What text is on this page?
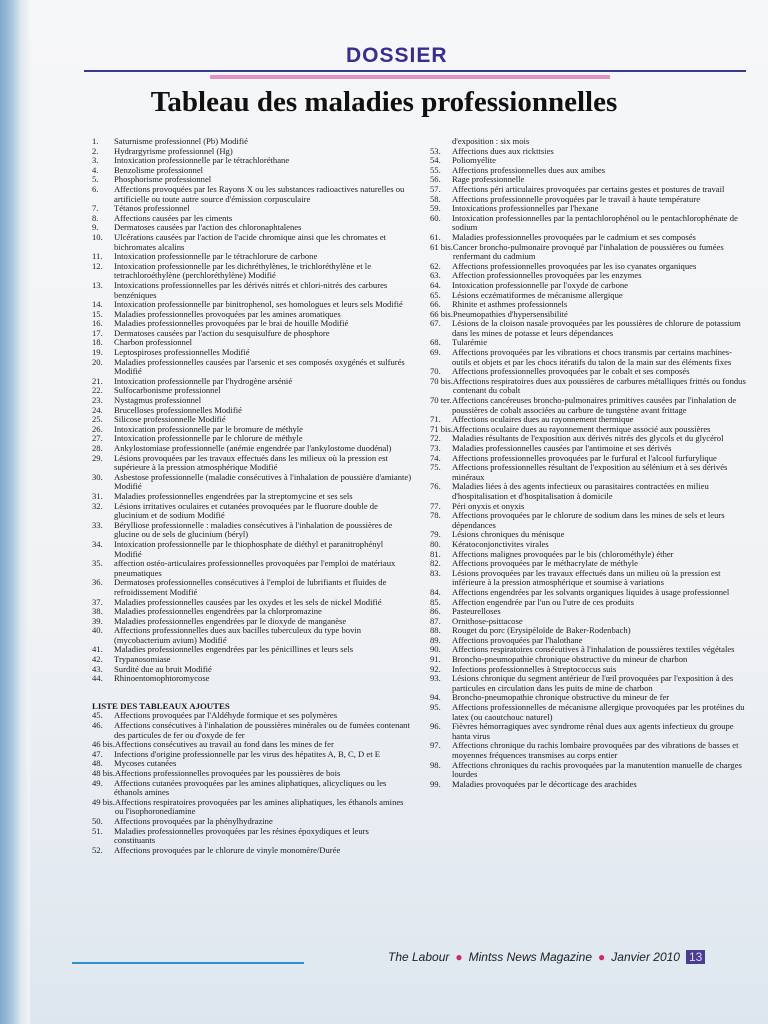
DOSSIER
Tableau des maladies professionnelles
1.	Saturnisme professionnel (Pb) Modifié
2.	Hydrargyrisme professionnel (Hg)
3.	Intoxication professionnelle par le tétrachloréthane
4.	Benzolisme professionnel
5.	Phosphorisme professionnel
6.	Affections provoquées par les Rayons X ou les substances radioactives naturelles ou artificielle ou toute autre source d'émission corpusculaire
7.	Tétanos professionnel
8.	Affections causées par les ciments
9.	Dermatoses causées par l'action des chloronaphtalenes
10.	Ulcérations causées par l'action de l'acide chromique ainsi que les chromates et bichromates alcalins
11.	Intoxication professionnelle par le tétrachlorure de carbone
12.	Intoxication professionnelle par les dichréthylènes, le trichloréthylène et le tetrachloroéthylène (perchloréthylène) Modifié
13.	Intoxications professionnelles par les dérivés nitrés et chlori-nitrés des carbures benzéniques
14.	Intoxication professionnelle par binitrophenol, ses homologues et leurs sels Modifié
15.	Maladies professionnelles provoquées par les amines aromatiques
16.	Maladies professionnelles provoquées par le brai de houille Modifié
17.	Dermatoses causées par l'action du sesquisulfure de phosphore
18.	Charbon professionnel
19.	Leptospiroses professionnelles Modifié
20.	Maladies professionnelles causées par l'arsenic et ses composés oxygénés et sulfurés Modifié
21.	Intoxication professionnelle par l'hydrogène arsénié
22.	Sulfocarbonisme professionnel
23.	Nystagmus professionnel
24.	Brucelloses professionnelles Modifié
25.	Silicose professionnelle Modifié
26.	Intoxication professionnelle par le bromure de méthyle
27.	Intoxication professionnelle par le chlorure de méthyle
28.	Ankylostomiase professionnelle (anémie engendrée par l'ankylostome duodénal)
29.	Lésions provoquées par les travaux effectués dans les milieux où la pression est supérieure à la pression atmosphérique Modifié
30.	Asbestose professionnelle (maladie consécutives à l'inhalation de poussière d'amiante) Modifié
31.	Maladies professionnelles engendrées par la streptomycine et ses sels
32.	Lésions irritatives oculaires et cutanées provoquées par le fluorure double de glucinium et de sodium Modifié
33.	Bérylliose professionnelle : maladies consécutives à l'inhalation de poussières de glucine ou de sels de glucinium (béryl)
34.	Intoxication professionnelle par le thiophosphate de diéthyl et paranitrophényl Modifié
35.	affection ostéo-articulaires professionnelles provoquées par l'emploi de matériaux pneumatiques
36.	Dermatoses professionnelles consécutives à l'emploi de lubrifiants et fluides de refroidissement Modifié
37.	Maladies professionnelles causées par les oxydes et les sels de nickel Modifié
38.	Maladies professionnelles engendrées par la chlorpromazine
39.	Maladies professionnelles engendrées par le dioxyde de manganèse
40.	Affections professionnelles dues aux bacilles tuberculeux du type bovin (mycobacterium avium) Modifié
41.	Maladies professionnelles engendrées par les pénicillines et leurs sels
42.	Trypanosomiase
43.	Surdité due au bruit Modifié
44.	Rhinoentomophtoromycose
LISTE DES TABLEAUX AJOUTES
45.	Affections provoquées par l'Aldéhyde formique et ses polymères
46.	Affections consécutives à l'inhalation de poussières minérales ou de fumées contenant des particules de fer ou d'oxyde de fer
46 bis. Affections consécutives au travail au fond dans les mines de fer
47.	Infections d'origine professionnelle par les virus des hépatites A, B, C, D et E
48.	Mycoses cutanées
48 bis. Affections professionnelles provoquées par les poussières de bois
49.	Affections cutanées provoquées par les amines aliphatiques, alicycliques ou les éthanols amines
49 bis. Affections respiratoires provoquées par les amines aliphatiques, les éthanols amines ou l'isophoronediamine
50.	Affections provoquées par la phénylhydrazine
51.	Maladies professionnelles provoquées par les résines époxydiques et leurs constituants
52.	Affections provoquées par le chlorure de vinyle monomère/Durée
d'exposition : six mois
53.	Affections dues aux rickttsies
54.	Poliomyélite
55.	Affections professionnelles dues aux amibes
56.	Rage professionnelle
57.	Affections péri articulaires provoquées par certains gestes et postures de travail
58.	Affections professionnelle provoquées par le travail à haute température
59.	Intoxications professionnelles par l'hexane
60.	Intoxication professionnelles par la pentachlorophénol ou le pentachlorophénate de sodium
61.	Maladies professionnelles provoquées par le cadmium et ses composés
61 bis. Cancer broncho-pulmonaire provoqué par l'inhalation de poussières ou fumées renfermant du cadmium
62.	Affections professionnelles provoquées par les iso cyanates organiques
63.	Affection professionnelles provoquées par les enzymes
64.	Intoxication professionnelle par l'oxyde de carbone
65.	Lésions eczématiformes de mécanisme allergique
66.	Rhinite et asthmes professionnels
66 bis. Pneumopathies d'hypersensibilité
67.	Lésions de la cloison nasale provoquées par les poussières de chlorure de potassium dans les mines de potasse et leurs dépendances
68.	Tularémie
69.	Affections provoquées par les vibrations et chocs transmis par certains machines-outils et objets et par les chocs itératifs du talon de la main sur des éléments fixes
70.	Affections professionnelles provoquées par le cobalt et ses composés
70 bis. Affections respiratoires dues aux poussières de carbures métalliques frittés ou fondus contenant du cobalt
70 ter. Affections cancéreuses broncho-pulmonaires primitives causées par l'inhalation de poussières de cobalt associées au carbure de tungstène avant frittage
71.	Affections oculaires dues au rayonnement thermique
71 bis. Affections oculaire dues au rayonnement thermique associé aux poussières
72.	Maladies résultants de l'exposition aux dérivés nitrés des glycols et du glycérol
73.	Maladies professionnelles causées par l'antimoine et ses dérivés
74.	Affections professionnelles provoquées par le furfural et l'alcool furfurylique
75.	Affections professionnelles résultant de l'exposition au sélénium et à ses dérivés minéraux
76.	Maladies liées à des agents infectieux ou parasitaires contractées en milieu d'hospitalisation et d'hospitalisation à domicile
77.	Péri onyxis et onyxis
78.	Affections provoquées par le chlorure de sodium dans les mines de sels et leurs dépendances
79.	Lésions chroniques du ménisque
80.	Kératoconjonctivites virales
81.	Affections malignes provoquées par le bis (chlorométhyle) éther
82.	Affections provoquées par le méthacrylate de méthyle
83.	Lésions provoquées par les travaux effectués dans un milieu où la pression est inférieure à la pression atmosphérique et soumise à variations
84.	Affections engendrées par les solvants organiques liquides à usage professionnel
85.	Affection engendrée par l'un ou l'utre de ces produits
86.	Pasteurelloses
87.	Ornithose-psittacose
88.	Rouget du porc (Erysipéloïde de Baker-Rodenbach)
89.	Affections provoquées par l'halothane
90.	Affections respiratoires consécutives à l'inhalation de poussières textiles végétales
91.	Broncho-pneumopathie chronique obstructive du mineur de charbon
92.	Infections professionnelles à Streptococcus suis
93.	Lésions chronique du segment antérieur de l'œil provoquées par l'exposition à des particules en circulation dans les puits de mine de charbon
94.	Broncho-pneumopathie chronique obstructive du mineur de fer
95.	Affections professionnelles de mécanisme allergique provoquées par les protéines du latex (ou caoutchouc naturel)
96.	Fièvres hémorragiques avec syndrome rénal dues aux agents infectieux du groupe hanta virus
97.	Affections chronique du rachis lombaire provoquées par des vibrations de basses et moyennes fréquences transmises au corps entier
98.	Affections chroniques du rachis provoquées par la manutention manuelle de charges lourdes
99.	Maladies provoquées par le décorticage des arachides
The Labour ● Mintss News Magazine ● Janvier 2010 13
